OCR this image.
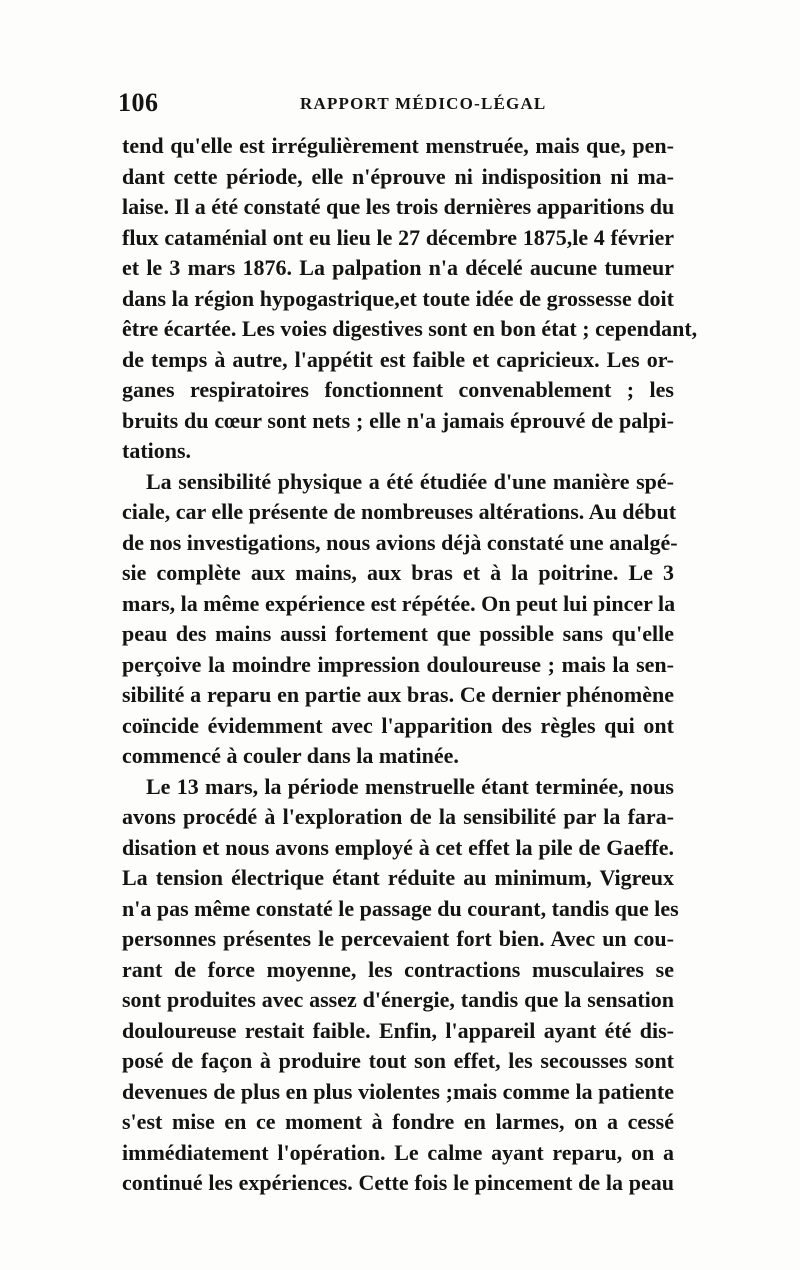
106	RAPPORT MÉDICO-LÉGAL
tend qu'elle est irrégulièrement menstruée, mais que, pen-
dant cette période, elle n'éprouve ni indisposition ni ma-
laise. Il a été constaté que les trois dernières apparitions du
flux cataménial ont eu lieu le 27 décembre 1875,le 4 février
et le 3 mars 1876. La palpation n'a décelé aucune tumeur
dans la région hypogastrique,et toute idée de grossesse doit
être écartée. Les voies digestives sont en bon état ; cependant,
de temps à autre, l'appétit est faible et capricieux. Les or-
ganes respiratoires fonctionnent convenablement ; les
bruits du cœur sont nets ; elle n'a jamais éprouvé de palpi-
tations.
La sensibilité physique a été étudiée d'une manière spé-
ciale, car elle présente de nombreuses altérations. Au début
de nos investigations, nous avions déjà constaté une analgé-
sie complète aux mains, aux bras et à la poitrine. Le 3
mars, la même expérience est répétée. On peut lui pincer la
peau des mains aussi fortement que possible sans qu'elle
perçoive la moindre impression douloureuse ; mais la sen-
sibilité a reparu en partie aux bras. Ce dernier phénomène
coïncide évidemment avec l'apparition des règles qui ont
commencé à couler dans la matinée.
Le 13 mars, la période menstruelle étant terminée, nous
avons procédé à l'exploration de la sensibilité par la fara-
disation et nous avons employé à cet effet la pile de Gaeffe.
La tension électrique étant réduite au minimum, Vigreux
n'a pas même constaté le passage du courant, tandis que les
personnes présentes le percevaient fort bien. Avec un cou-
rant de force moyenne, les contractions musculaires se
sont produites avec assez d'énergie, tandis que la sensation
douloureuse restait faible. Enfin, l'appareil ayant été dis-
posé de façon à produire tout son effet, les secousses sont
devenues de plus en plus violentes ;mais comme la patiente
s'est mise en ce moment à fondre en larmes, on a cessé
immédiatement l'opération. Le calme ayant reparu, on a
continué les expériences. Cette fois le pincement de la peau
